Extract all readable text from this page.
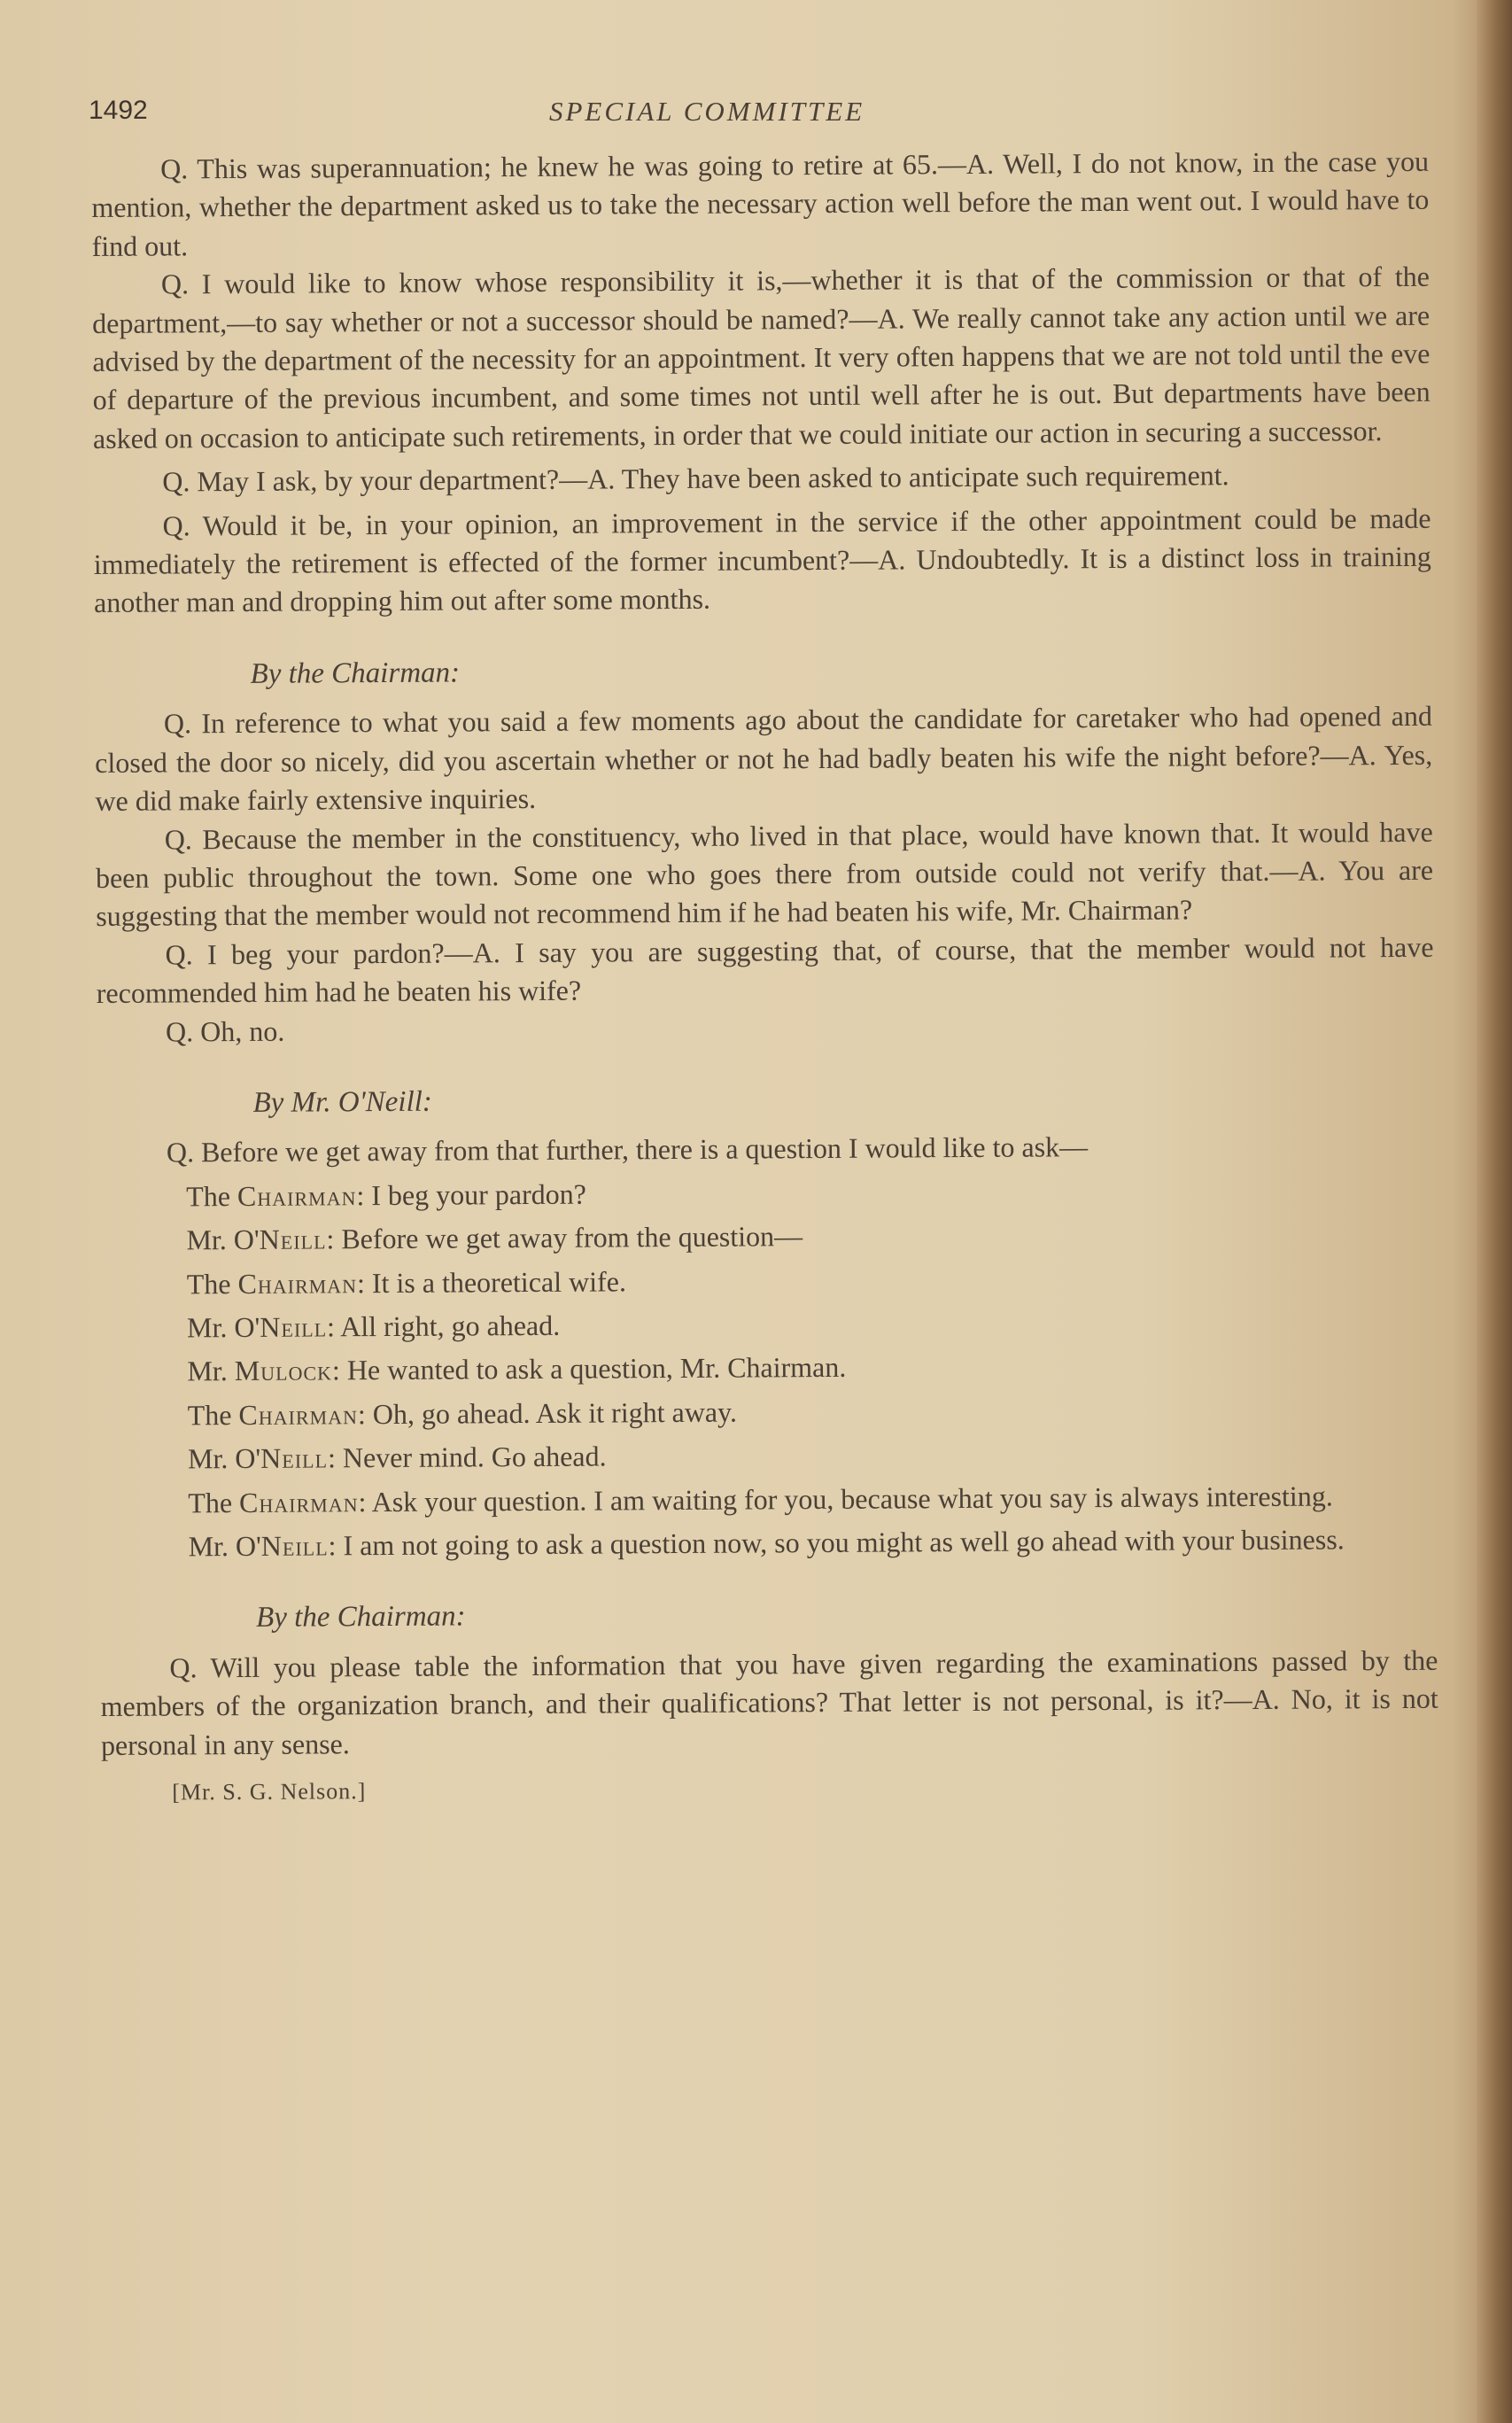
1492	SPECIAL COMMITTEE

Q. This was superannuation; he knew he was going to retire at 65.—A. Well, I do not know, in the case you mention, whether the department asked us to take the necessary action well before the man went out. I would have to find out.

Q. I would like to know whose responsibility it is,—whether it is that of the commission or that of the department,—to say whether or not a successor should be named?—A. We really cannot take any action until we are advised by the department of the necessity for an appointment. It very often happens that we are not told until the eve of departure of the previous incumbent, and some times not until well after he is out. But departments have been asked on occasion to anticipate such retirements, in order that we could initiate our action in securing a successor.

Q. May I ask, by your department?—A. They have been asked to anticipate such requirement.

Q. Would it be, in your opinion, an improvement in the service if the other appointment could be made immediately the retirement is effected of the former incumbent?—A. Undoubtedly. It is a distinct loss in training another man and dropping him out after some months.

By the Chairman:

Q. In reference to what you said a few moments ago about the candidate for caretaker who had opened and closed the door so nicely, did you ascertain whether or not he had badly beaten his wife the night before?—A. Yes, we did make fairly extensive inquiries.

Q. Because the member in the constituency, who lived in that place, would have known that. It would have been public throughout the town. Some one who goes there from outside could not verify that.—A. You are suggesting that the member would not recommend him if he had beaten his wife, Mr. Chairman?

Q. I beg your pardon?—A. I say you are suggesting that, of course, that the member would not have recommended him had he beaten his wife?

Q. Oh, no.

By Mr. O'Neill:

Q. Before we get away from that further, there is a question I would like to ask—

The Chairman: I beg your pardon?

Mr. O'Neill: Before we get away from the question—

The Chairman: It is a theoretical wife.

Mr. O'Neill: All right, go ahead.

Mr. Mulock: He wanted to ask a question, Mr. Chairman.

The Chairman: Oh, go ahead. Ask it right away.

Mr. O'Neill: Never mind. Go ahead.

The Chairman: Ask your question. I am waiting for you, because what you say is always interesting.

Mr. O'Neill: I am not going to ask a question now, so you might as well go ahead with your business.

By the Chairman:

Q. Will you please table the information that you have given regarding the examinations passed by the members of the organization branch, and their qualifications? That letter is not personal, is it?—A. No, it is not personal in any sense.

[Mr. S. G. Nelson.]
